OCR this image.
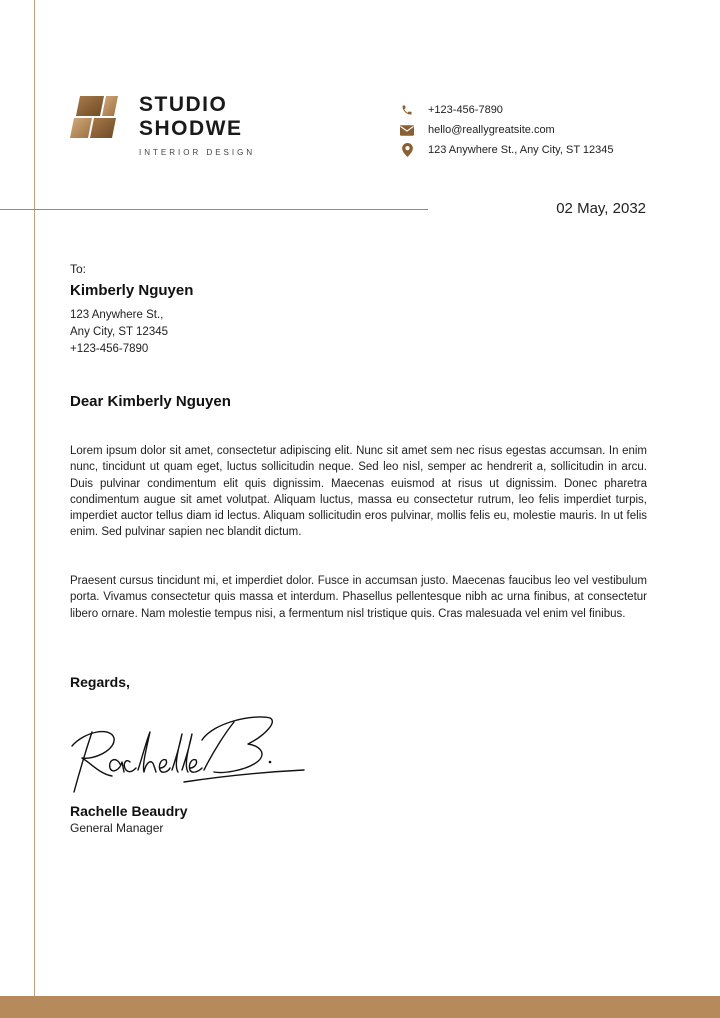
STUDIO
SHODWE
INTERIOR DESIGN
+123-456-7890
hello@reallygreatsite.com
123 Anywhere St., Any City, ST 12345
02 May, 2032
To:
Kimberly Nguyen
123 Anywhere St.,
Any City, ST 12345
+123-456-7890
Dear Kimberly Nguyen

Lorem ipsum dolor sit amet, consectetur adipiscing elit. Nunc sit amet sem nec risus egestas accumsan. In enim nunc, tincidunt ut quam eget, luctus sollicitudin neque. Sed leo nisl, semper ac hendrerit a, sollicitudin in arcu. Duis pulvinar condimentum elit quis dignissim. Maecenas euismod at risus ut dignissim. Donec pharetra condimentum augue sit amet volutpat. Aliquam luctus, massa eu consectetur rutrum, leo felis imperdiet turpis, imperdiet auctor tellus diam id lectus. Aliquam sollicitudin eros pulvinar, mollis felis eu, molestie mauris. In ut felis enim. Sed pulvinar sapien nec blandit dictum.

Praesent cursus tincidunt mi, et imperdiet dolor. Fusce in accumsan justo. Maecenas faucibus leo vel vestibulum porta. Vivamus consectetur quis massa et interdum. Phasellus pellentesque nibh ac urna finibus, at consectetur libero ornare. Nam molestie tempus nisi, a fermentum nisl tristique quis. Cras malesuada vel enim vel finibus.

Regards,
Rachelle Beaudry
General Manager
